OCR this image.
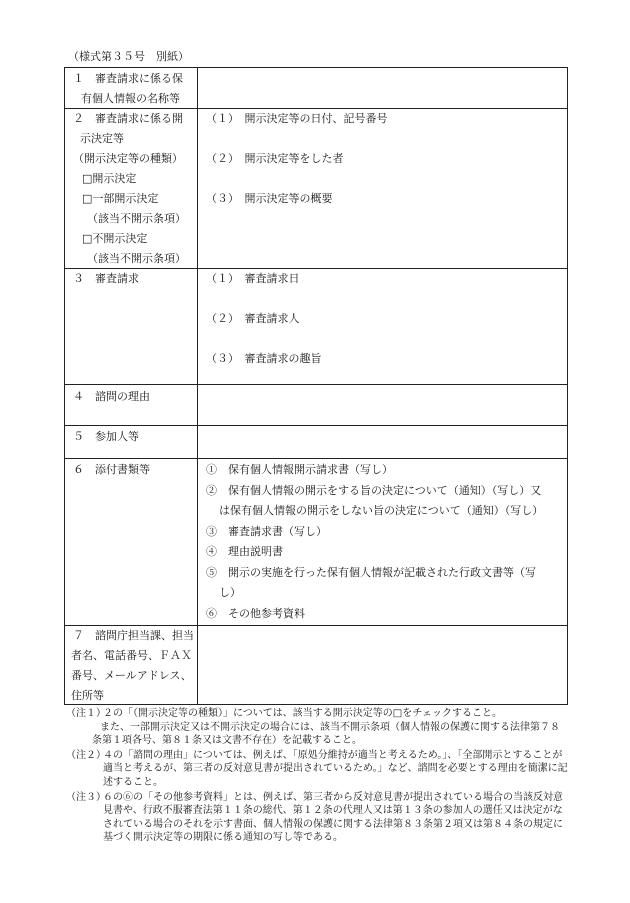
（様式第３５号　別紙）
１　審査請求に係る保
有個人情報の名称等
２　審査請求に係る開
示決定等
（開示決定等の種類）
□開示決定
□一部開示決定
（該当不開示条項）
□不開示決定
（該当不開示条項）
（１）　開示決定等の日付、記号番号
（２）　開示決定等をした者
（３）　開示決定等の概要
３　審査請求	（１）　審査請求日
（２）　審査請求人
（３）　審査請求の趣旨
４　諮問の理由
５　参加人等
６　添付書類等	①　保有個人情報開示請求書（写し）
②　保有個人情報の開示をする旨の決定について（通知）（写し）又
は保有個人情報の開示をしない旨の決定について（通知）（写し）
③　審査請求書（写し）
④　理由説明書
⑤　開示の実施を行った保有個人情報が記載された行政文書等（写
し）
⑥　その他参考資料
７　諮問庁担当課、担当
者名、電話番号、ＦＡＸ
番号、メールアドレス、
住所等
（注１）

２の「（開示決定等の種類）」については、該当する開示決定等の□をチェックすること。

また、一部開示決定又は不開示決定の場合には、該当不開示条項（個人情報の保護に関する法律第７８条第１項各号、第８１条又は文書不存在）を記載すること。

（注２）

４の「諮問の理由」については、例えば、「原処分維持が適当と考えるため。」、「全部開示とすることが適当と考えるが、第三者の反対意見書が提出されているため。」など、諮問を必要とする理由を簡潔に記述すること。

（注３）

６の⑥の「その他参考資料」とは、例えば、第三者から反対意見書が提出されている場合の当該反対意見書や、行政不服審査法第１１条の総代、第１２条の代理人又は第１３条の参加人の選任又は決定がなされている場合のそれを示す書面、個人情報の保護に関する法律第８３条第２項又は第８４条の規定に基づく開示決定等の期限に係る通知の写し等である。
